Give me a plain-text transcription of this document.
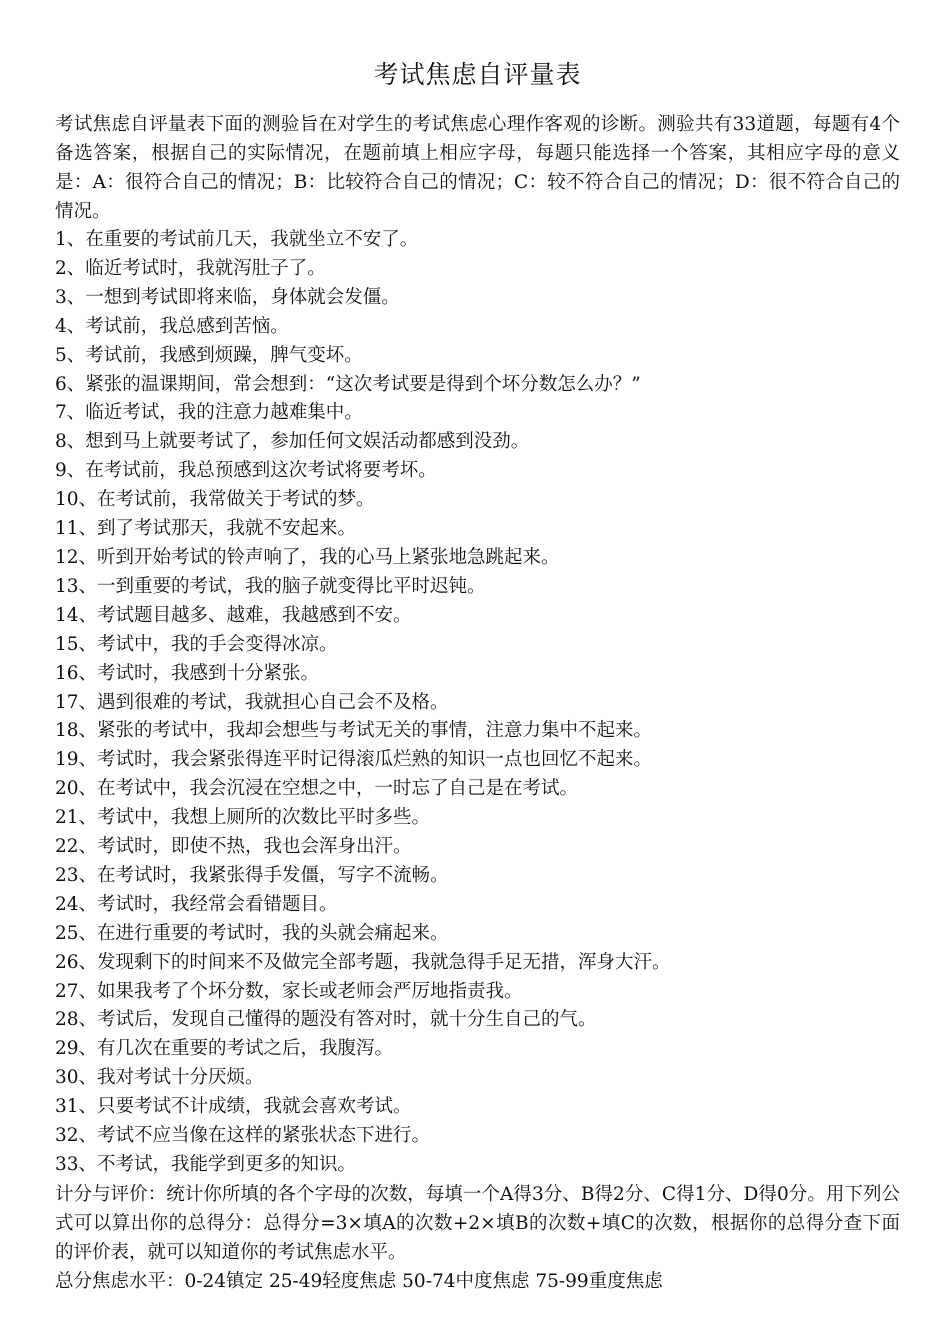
考试焦虑自评量表

考试焦虑自评量表下面的测验旨在对学生的考试焦虑心理作客观的诊断。测验共有33道题，每题有4个备选答案，根据自己的实际情况，在题前填上相应字母，每题只能选择一个答案，其相应字母的意义是：A：很符合自己的情况；B：比较符合自己的情况；C：较不符合自己的情况；D：很不符合自己的情况。

1、在重要的考试前几天，我就坐立不安了。
2、临近考试时，我就泻肚子了。
3、一想到考试即将来临，身体就会发僵。
4、考试前，我总感到苦恼。
5、考试前，我感到烦躁，脾气变坏。
6、紧张的温课期间，常会想到：“这次考试要是得到个坏分数怎么办？”
7、临近考试，我的注意力越难集中。
8、想到马上就要考试了，参加任何文娱活动都感到没劲。
9、在考试前，我总预感到这次考试将要考坏。
10、在考试前，我常做关于考试的梦。
11、到了考试那天，我就不安起来。
12、听到开始考试的铃声响了，我的心马上紧张地急跳起来。
13、一到重要的考试，我的脑子就变得比平时迟钝。
14、考试题目越多、越难，我越感到不安。
15、考试中，我的手会变得冰凉。
16、考试时，我感到十分紧张。
17、遇到很难的考试，我就担心自己会不及格。
18、紧张的考试中，我却会想些与考试无关的事情，注意力集中不起来。
19、考试时，我会紧张得连平时记得滚瓜烂熟的知识一点也回忆不起来。
20、在考试中，我会沉浸在空想之中，一时忘了自己是在考试。
21、考试中，我想上厕所的次数比平时多些。
22、考试时，即使不热，我也会浑身出汗。
23、在考试时，我紧张得手发僵，写字不流畅。
24、考试时，我经常会看错题目。
25、在进行重要的考试时，我的头就会痛起来。
26、发现剩下的时间来不及做完全部考题，我就急得手足无措，浑身大汗。
27、如果我考了个坏分数，家长或老师会严厉地指责我。
28、考试后，发现自己懂得的题没有答对时，就十分生自己的气。
29、有几次在重要的考试之后，我腹泻。
30、我对考试十分厌烦。
31、只要考试不计成绩，我就会喜欢考试。
32、考试不应当像在这样的紧张状态下进行。
33、不考试，我能学到更多的知识。

计分与评价：统计你所填的各个字母的次数，每填一个A得3分、B得2分、C得1分、D得0分。用下列公式可以算出你的总得分：总得分=3×填A的次数+2×填B的次数+填C的次数，根据你的总得分查下面的评价表，就可以知道你的考试焦虑水平。

总分焦虑水平：0-24镇定 25-49轻度焦虑 50-74中度焦虑 75-99重度焦虑
